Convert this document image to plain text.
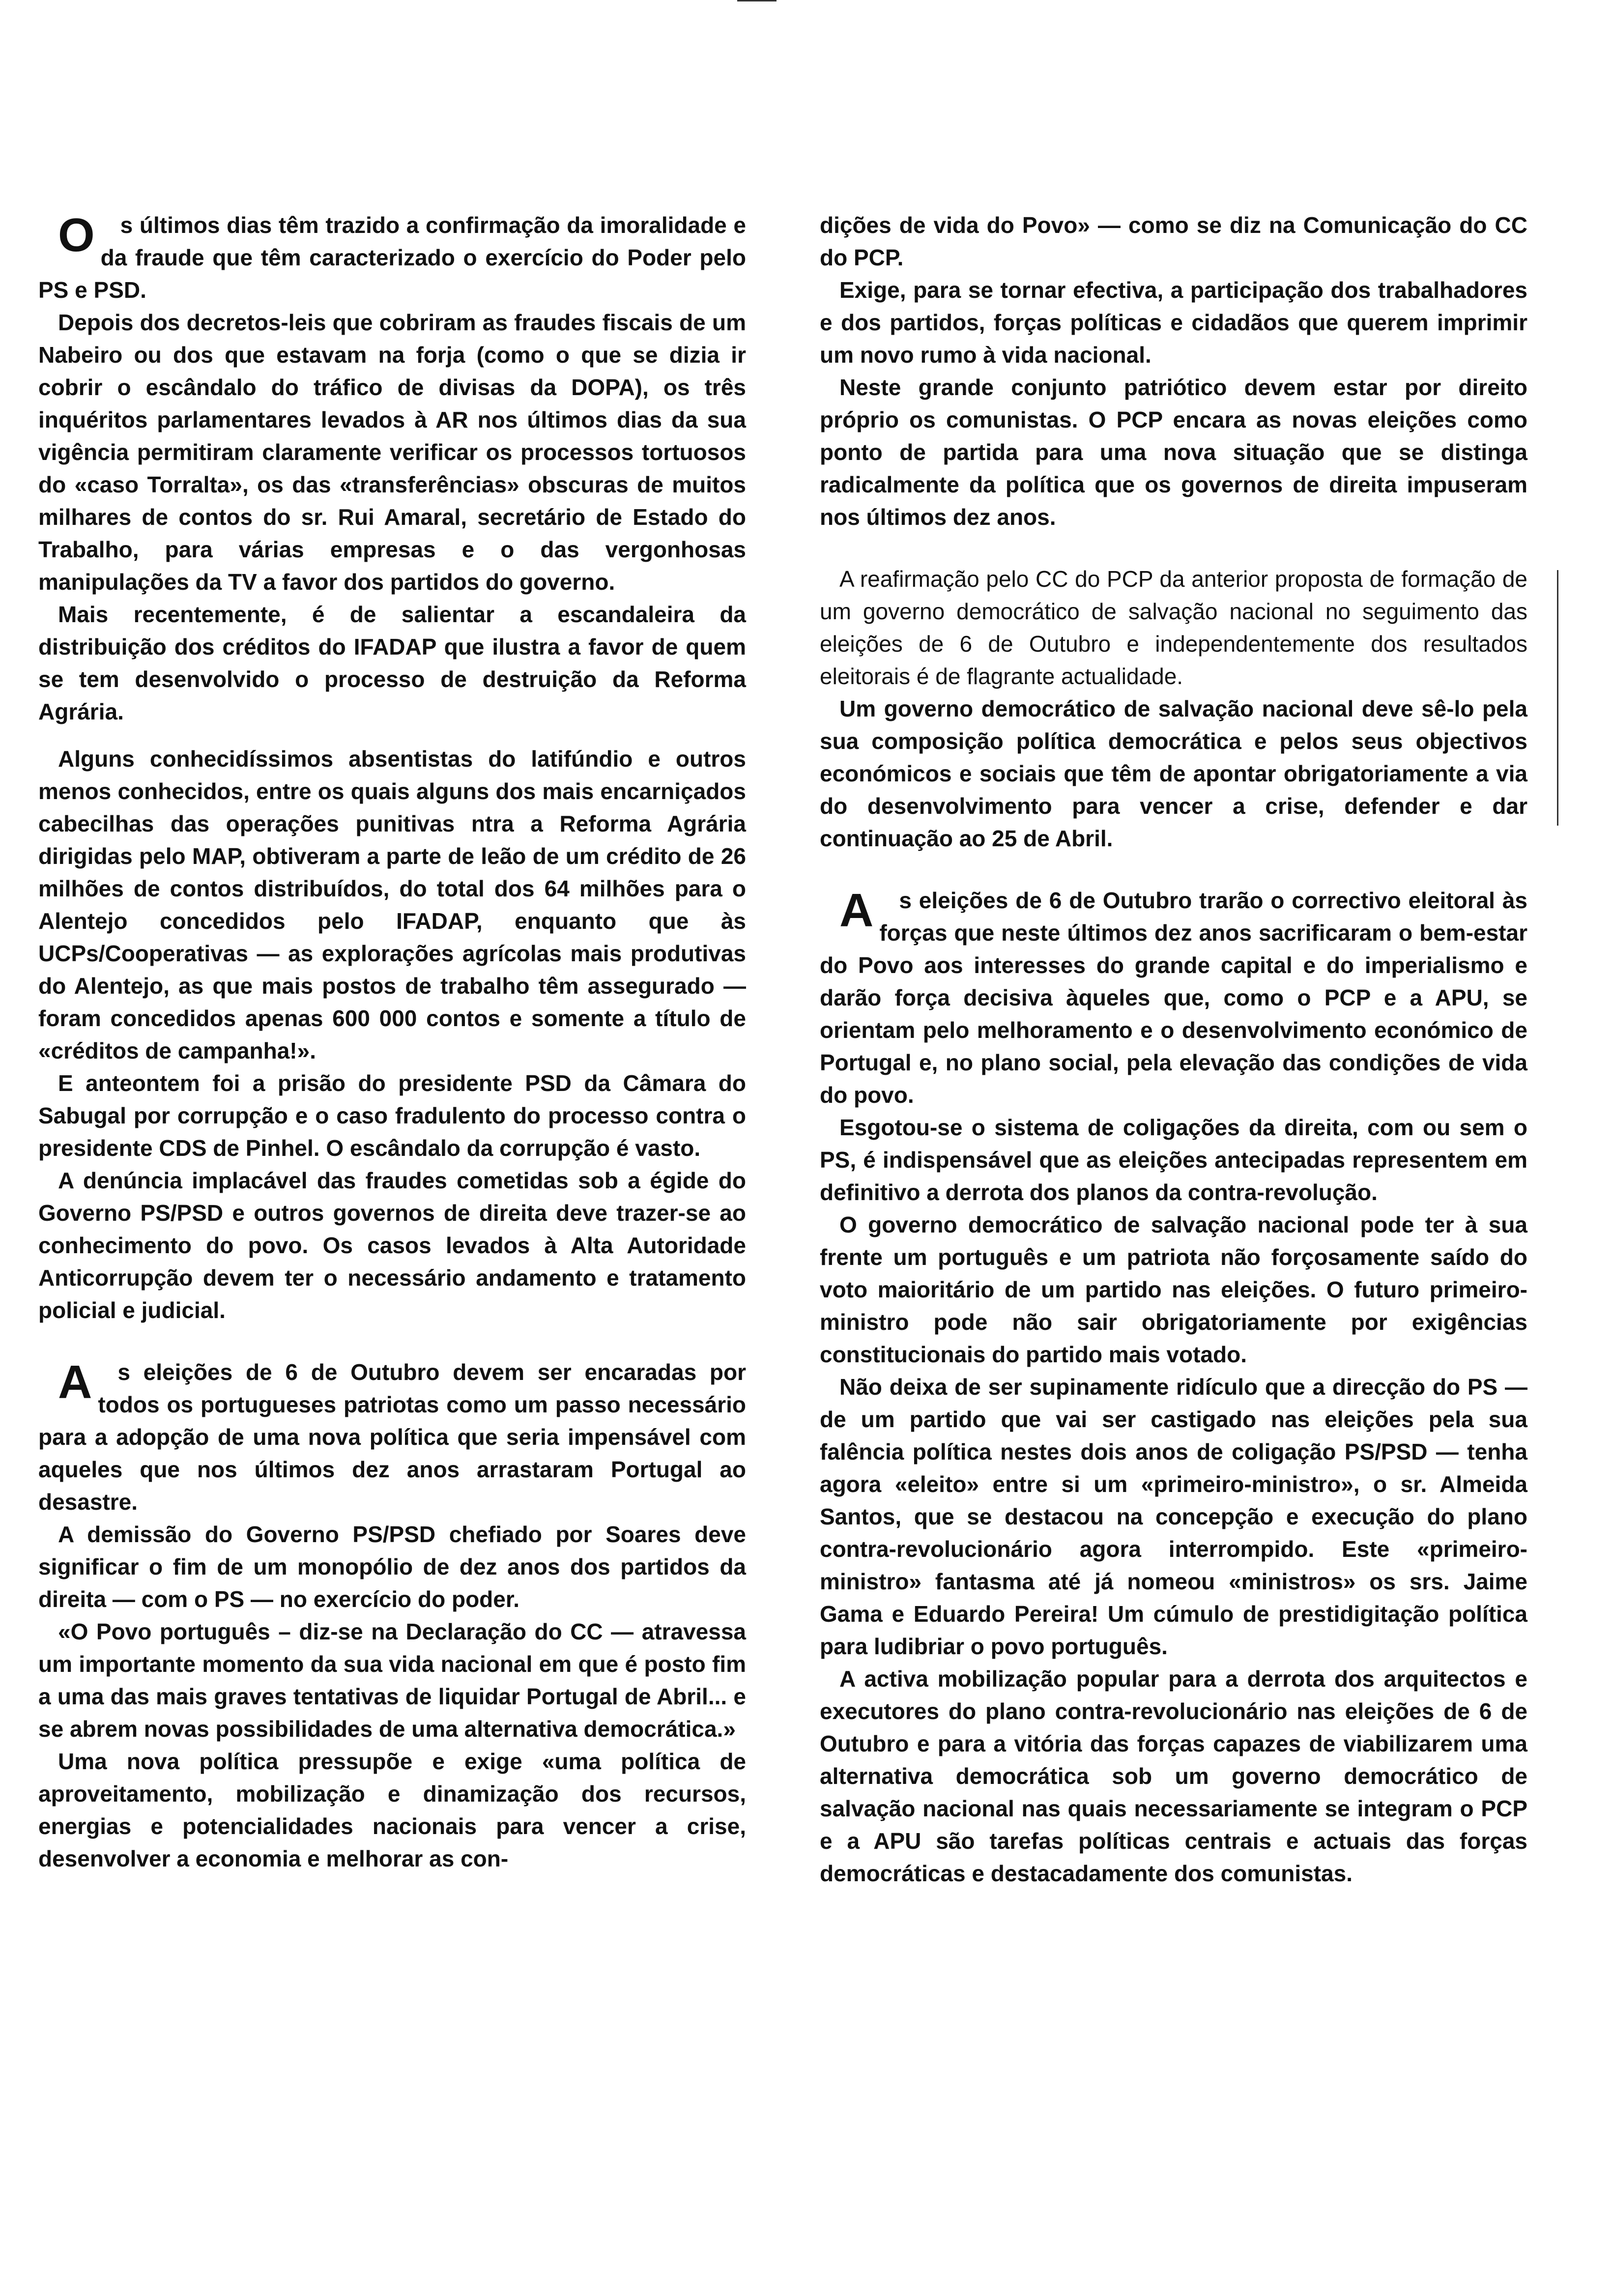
O s últimos dias têm trazido a confirmação da imoralidade e da fraude que têm caracterizado o exercício do Poder pelo PS e PSD.

Depois dos decretos-leis que cobriram as fraudes fiscais de um Nabeiro ou dos que estavam na forja (como o que se dizia ir cobrir o escândalo do tráfico de divisas da DOPA), os três inquéritos parlamentares levados à AR nos últimos dias da sua vigência permitiram claramente verificar os processos tortuosos do «caso Torralta», os das «transferências» obscuras de muitos milhares de contos do sr. Rui Amaral, secretário de Estado do Trabalho, para várias empresas e o das vergonhosas manipulações da TV a favor dos partidos do governo.

Mais recentemente, é de salientar a escandaleira da distribuição dos créditos do IFADAP que ilustra a favor de quem se tem desenvolvido o processo de destruição da Reforma Agrária.

Alguns conhecidíssimos absentistas do latifúndio e outros menos conhecidos, entre os quais alguns dos mais encarniçados cabecilhas das operações punitivas ntra a Reforma Agrária dirigidas pelo MAP, obtiveram a parte de leão de um crédito de 26 milhões de contos distribuídos, do total dos 64 milhões para o Alentejo concedidos pelo IFADAP, enquanto que às UCPs/Cooperativas — as explorações agrícolas mais produtivas do Alentejo, as que mais postos de trabalho têm assegurado — foram concedidos apenas 600 000 contos e somente a título de «créditos de campanha!».

E anteontem foi a prisão do presidente PSD da Câmara do Sabugal por corrupção e o caso fradulento do processo contra o presidente CDS de Pinhel. O escândalo da corrupção é vasto.

A denúncia implacável das fraudes cometidas sob a égide do Governo PS/PSD e outros governos de direita deve trazer-se ao conhecimento do povo. Os casos levados à Alta Autoridade Anticorrupção devem ter o necessário andamento e tratamento policial e judicial.

A s eleições de 6 de Outubro devem ser encaradas por todos os portugueses patriotas como um passo necessário para a adopção de uma nova política que seria impensável com aqueles que nos últimos dez anos arrastaram Portugal ao desastre.

A demissão do Governo PS/PSD chefiado por Soares deve significar o fim de um monopólio de dez anos dos partidos da direita — com o PS — no exercício do poder.

«O Povo português – diz-se na Declaração do CC — atravessa um importante momento da sua vida nacional em que é posto fim a uma das mais graves tentativas de liquidar Portugal de Abril... e se abrem novas possibilidades de uma alternativa democrática.»

Uma nova política pressupõe e exige «uma política de aproveitamento, mobilização e dinamização dos recursos, energias e potencialidades nacionais para vencer a crise, desenvolver a economia e melhorar as con-

dições de vida do Povo» — como se diz na Comunicação do CC do PCP.

Exige, para se tornar efectiva, a participação dos trabalhadores e dos partidos, forças políticas e cidadãos que querem imprimir um novo rumo à vida nacional.

Neste grande conjunto patriótico devem estar por direito próprio os comunistas. O PCP encara as novas eleições como ponto de partida para uma nova situação que se distinga radicalmente da política que os governos de direita impuseram nos últimos dez anos.

A reafirmação pelo CC do PCP da anterior proposta de formação de um governo democrático de salvação nacional no seguimento das eleições de 6 de Outubro e independentemente dos resultados eleitorais é de flagrante actualidade.

Um governo democrático de salvação nacional deve sê-lo pela sua composição política democrática e pelos seus objectivos económicos e sociais que têm de apontar obrigatoriamente a via do desenvolvimento para vencer a crise, defender e dar continuação ao 25 de Abril.

A s eleições de 6 de Outubro trarão o correctivo eleitoral às forças que neste últimos dez anos sacrificaram o bem-estar do Povo aos interesses do grande capital e do imperialismo e darão força decisiva àqueles que, como o PCP e a APU, se orientam pelo melhoramento e o desenvolvimento económico de Portugal e, no plano social, pela elevação das condições de vida do povo.

Esgotou-se o sistema de coligações da direita, com ou sem o PS, é indispensável que as eleições antecipadas representem em definitivo a derrota dos planos da contra-revolução.

O governo democrático de salvação nacional pode ter à sua frente um português e um patriota não forçosamente saído do voto maioritário de um partido nas eleições. O futuro primeiro-ministro pode não sair obrigatoriamente por exigências constitucionais do partido mais votado.

Não deixa de ser supinamente ridículo que a direcção do PS — de um partido que vai ser castigado nas eleições pela sua falência política nestes dois anos de coligação PS/PSD — tenha agora «eleito» entre si um «primeiro-ministro», o sr. Almeida Santos, que se destacou na concepção e execução do plano contra-revolucionário agora interrompido. Este «primeiro-ministro» fantasma até já nomeou «ministros» os srs. Jaime Gama e Eduardo Pereira! Um cúmulo de prestidigitação política para ludibriar o povo português.

A activa mobilização popular para a derrota dos arquitectos e executores do plano contra-revolucionário nas eleições de 6 de Outubro e para a vitória das forças capazes de viabilizarem uma alternativa democrática sob um governo democrático de salvação nacional nas quais necessariamente se integram o PCP e a APU são tarefas políticas centrais e actuais das forças democráticas e destacadamente dos comunistas.
